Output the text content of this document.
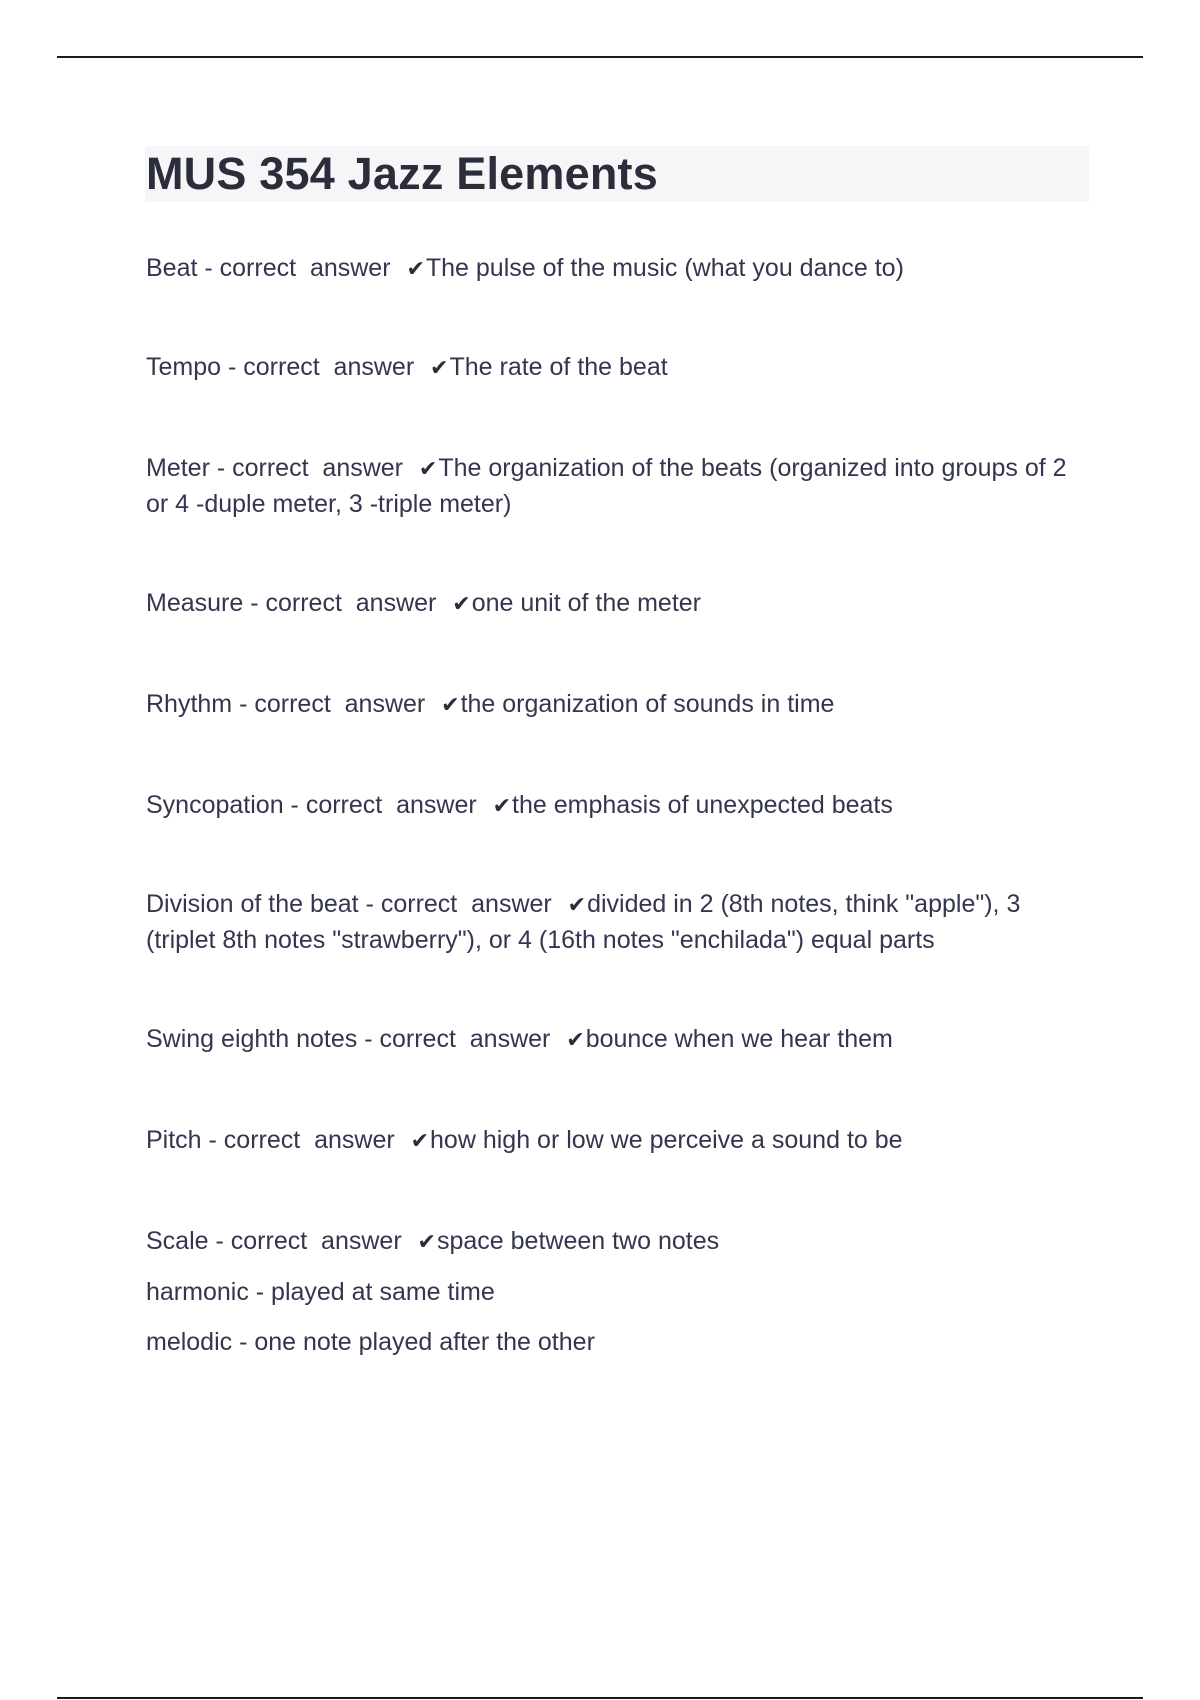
MUS 354 Jazz Elements

Beat - correct  answer  ✔The pulse of the music (what you dance to)

Tempo - correct  answer  ✔The rate of the beat

Meter - correct  answer  ✔The organization of the beats (organized into groups of 2 or 4 -duple meter, 3 -triple meter)

Measure - correct  answer  ✔one unit of the meter

Rhythm - correct  answer  ✔the organization of sounds in time

Syncopation - correct  answer  ✔the emphasis of unexpected beats

Division of the beat - correct  answer  ✔divided in 2 (8th notes, think "apple"), 3 (triplet 8th notes "strawberry"), or 4 (16th notes "enchilada") equal parts

Swing eighth notes - correct  answer  ✔bounce when we hear them

Pitch - correct  answer  ✔how high or low we perceive a sound to be

Scale - correct  answer  ✔space between two notes

harmonic - played at same time

melodic - one note played after the other
